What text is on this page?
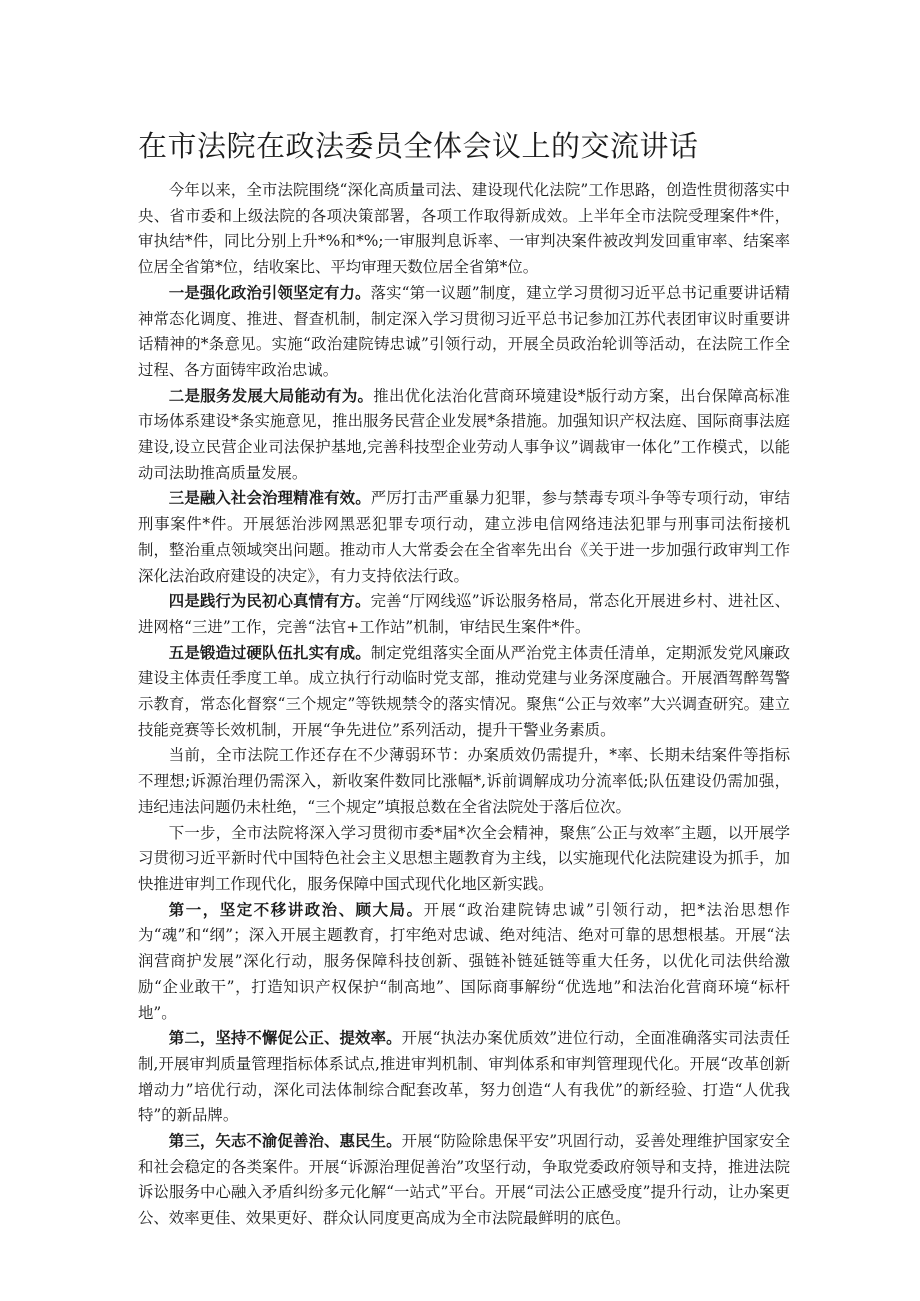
在市法院在政法委员全体会议上的交流讲话

今年以来，全市法院围绕“深化高质量司法、建设现代化法院”工作思路，创造性贯彻落实中央、省市委和上级法院的各项决策部署，各项工作取得新成效。上半年全市法院受理案件*件，审执结*件，同比分别上升*%和*%;一审服判息诉率、一审判决案件被改判发回重审率、结案率位居全省第*位，结收案比、平均审理天数位居全省第*位。

一是强化政治引领坚定有力。落实“第一议题”制度，建立学习贯彻习近平总书记重要讲话精神常态化调度、推进、督查机制，制定深入学习贯彻习近平总书记参加江苏代表团审议时重要讲话精神的*条意见。实施“政治建院铸忠诚”引领行动，开展全员政治轮训等活动，在法院工作全过程、各方面铸牢政治忠诚。

二是服务发展大局能动有为。推出优化法治化营商环境建设*版行动方案，出台保障高标准市场体系建设*条实施意见，推出服务民营企业发展*条措施。加强知识产权法庭、国际商事法庭建设,设立民营企业司法保护基地,完善科技型企业劳动人事争议”调裁审一体化”工作模式，以能动司法助推高质量发展。

三是融入社会治理精准有效。严厉打击严重暴力犯罪，参与禁毒专项斗争等专项行动，审结刑事案件*件。开展惩治涉网黑恶犯罪专项行动，建立涉电信网络违法犯罪与刑事司法衔接机制，整治重点领域突出问题。推动市人大常委会在全省率先出台《关于进一步加强行政审判工作深化法治政府建设的决定》，有力支持依法行政。

四是践行为民初心真情有方。完善“厅网线巡”诉讼服务格局，常态化开展进乡村、进社区、进网格“三进”工作，完善“法官+工作站”机制，审结民生案件*件。

五是锻造过硬队伍扎实有成。制定党组落实全面从严治党主体责任清单，定期派发党风廉政建设主体责任季度工单。成立执行行动临时党支部，推动党建与业务深度融合。开展酒驾醉驾警示教育，常态化督察“三个规定”等铁规禁令的落实情况。聚焦“公正与效率”大兴调查研究。建立技能竞赛等长效机制，开展“争先进位”系列活动，提升干警业务素质。

当前，全市法院工作还存在不少薄弱环节：办案质效仍需提升，*率、长期未结案件等指标不理想;诉源治理仍需深入，新收案件数同比涨幅*,诉前调解成功分流率低;队伍建设仍需加强，违纪违法问题仍未杜绝，“三个规定”填报总数在全省法院处于落后位次。

下一步，全市法院将深入学习贯彻市委*届*次全会精神，聚焦″公正与效率″主题，以开展学习贯彻习近平新时代中国特色社会主义思想主题教育为主线，以实施现代化法院建设为抓手，加快推进审判工作现代化，服务保障中国式现代化地区新实践。

第一，坚定不移讲政治、顾大局。开展“政治建院铸忠诚”引领行动，把*法治思想作为“魂”和“纲”；深入开展主题教育，打牢绝对忠诚、绝对纯洁、绝对可靠的思想根基。开展“法润营商护发展”深化行动，服务保障科技创新、强链补链延链等重大任务，以优化司法供给激励“企业敢干”，打造知识产权保护“制高地”、国际商事解纷“优选地”和法治化营商环境“标杆地”。

第二，坚持不懈促公正、提效率。开展“执法办案优质效”进位行动，全面准确落实司法责任制,开展审判质量管理指标体系试点,推进审判机制、审判体系和审判管理现代化。开展“改革创新增动力”培优行动，深化司法体制综合配套改革，努力创造“人有我优”的新经验、打造“人优我特”的新品牌。

第三，矢志不渝促善治、惠民生。开展“防险除患保平安”巩固行动，妥善处理维护国家安全和社会稳定的各类案件。开展“诉源治理促善治”攻坚行动，争取党委政府领导和支持，推进法院诉讼服务中心融入矛盾纠纷多元化解“一站式”平台。开展“司法公正感受度”提升行动，让办案更公、效率更佳、效果更好、群众认同度更高成为全市法院最鲜明的底色。
